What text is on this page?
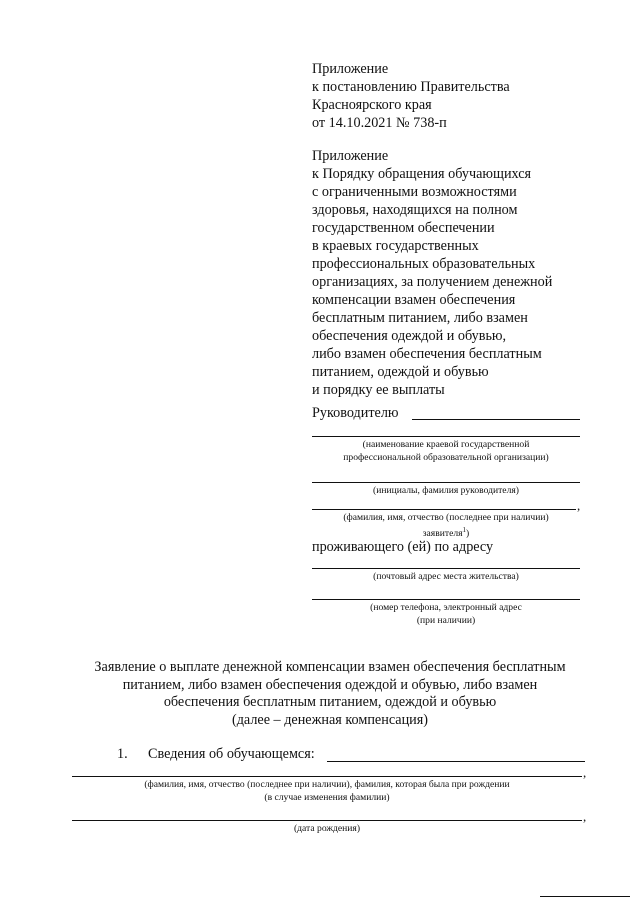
Приложение
к постановлению Правительства
Красноярского края
от 14.10.2021 № 738-п
Приложение
к Порядку обращения обучающихся
с ограниченными возможностями
здоровья, находящихся на полном
государственном обеспечении
в краевых государственных
профессиональных образовательных
организациях, за получением денежной
компенсации взамен обеспечения
бесплатным питанием, либо взамен
обеспечения одеждой и обувью,
либо взамен обеспечения бесплатным
питанием, одеждой и обувью
и порядку ее выплаты
Руководителю
(наименование краевой государственной
профессиональной образовательной организации)
(инициалы, фамилия руководителя)
,
(фамилия, имя, отчество (последнее при наличии)
заявителя$^1$)
проживающего (ей) по адресу
(почтовый адрес места жительства)
(номер телефона, электронный адрес
(при наличии)
Заявление о выплате денежной компенсации взамен обеспечения бесплатным
питанием, либо взамен обеспечения одеждой и обувью, либо взамен
обеспечения бесплатным питанием, одеждой и обувью
(далее – денежная компенсация)
1. Сведения об обучающемся:
,
(фамилия, имя, отчество (последнее при наличии), фамилия, которая была при рождении
(в случае изменения фамилии)
,
(дата рождения)
